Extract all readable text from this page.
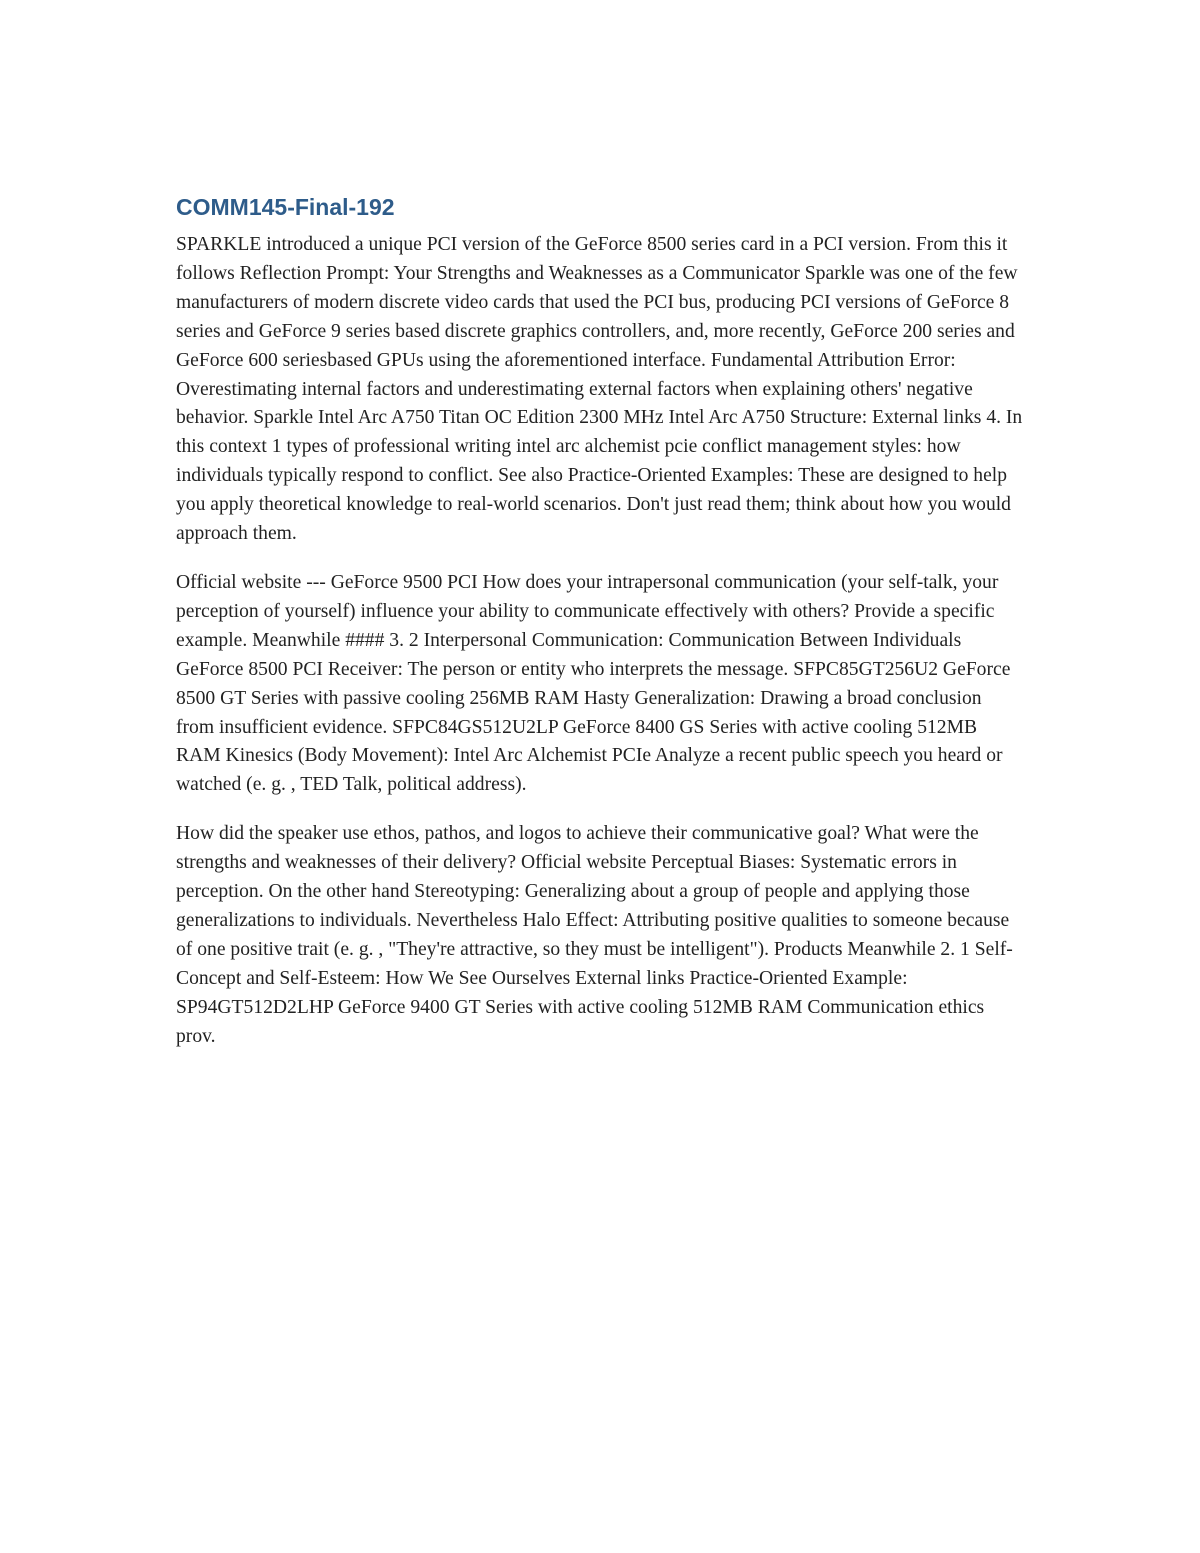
COMM145-Final-192

SPARKLE introduced a unique PCI version of the GeForce 8500 series card in a PCI version. From this it follows Reflection Prompt: Your Strengths and Weaknesses as a Communicator Sparkle was one of the few manufacturers of modern discrete video cards that used the PCI bus, producing PCI versions of GeForce 8 series and GeForce 9 series based discrete graphics controllers, and, more recently, GeForce 200 series and GeForce 600 seriesbased GPUs using the aforementioned interface. Fundamental Attribution Error: Overestimating internal factors and underestimating external factors when explaining others' negative behavior. Sparkle Intel Arc A750 Titan OC Edition 2300 MHz Intel Arc A750 Structure: External links 4. In this context 1 types of professional writing intel arc alchemist pcie conflict management styles: how individuals typically respond to conflict. See also Practice-Oriented Examples: These are designed to help you apply theoretical knowledge to real-world scenarios. Don't just read them; think about how you would approach them.

Official website --- GeForce 9500 PCI How does your intrapersonal communication (your self-talk, your perception of yourself) influence your ability to communicate effectively with others? Provide a specific example. Meanwhile #### 3. 2 Interpersonal Communication: Communication Between Individuals GeForce 8500 PCI Receiver: The person or entity who interprets the message. SFPC85GT256U2 GeForce 8500 GT Series with passive cooling 256MB RAM Hasty Generalization: Drawing a broad conclusion from insufficient evidence. SFPC84GS512U2LP GeForce 8400 GS Series with active cooling 512MB RAM Kinesics (Body Movement): Intel Arc Alchemist PCIe Analyze a recent public speech you heard or watched (e. g. , TED Talk, political address).

How did the speaker use ethos, pathos, and logos to achieve their communicative goal? What were the strengths and weaknesses of their delivery? Official website Perceptual Biases: Systematic errors in perception. On the other hand Stereotyping: Generalizing about a group of people and applying those generalizations to individuals. Nevertheless Halo Effect: Attributing positive qualities to someone because of one positive trait (e. g. , "They're attractive, so they must be intelligent"). Products Meanwhile 2. 1 Self-Concept and Self-Esteem: How We See Ourselves External links Practice-Oriented Example: SP94GT512D2LHP GeForce 9400 GT Series with active cooling 512MB RAM Communication ethics prov.
